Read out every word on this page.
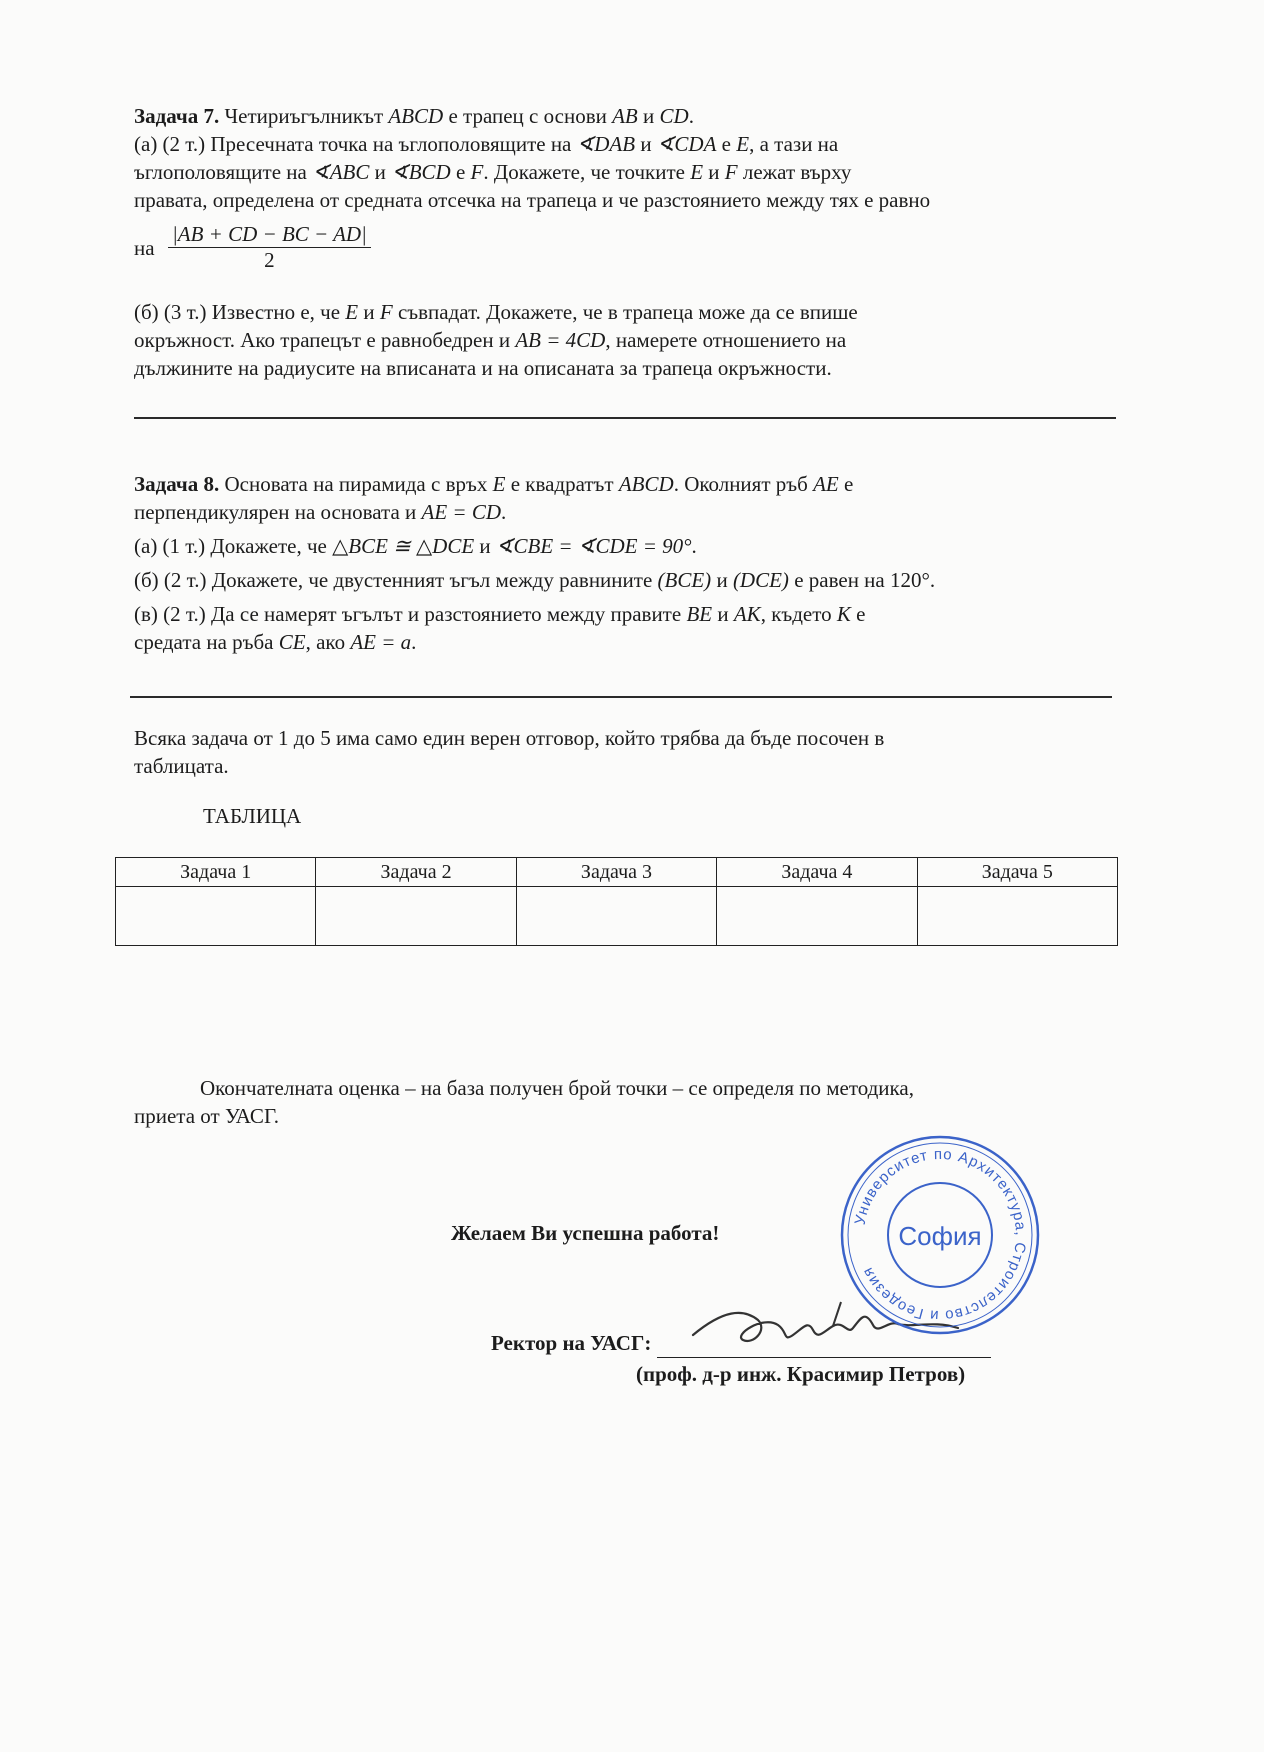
Задача 7. Четириъгълникът ABCD е трапец с основи AB и CD.
(а) (2 т.) Пресечната точка на ъглополовящите на ∢DAB и ∢CDA е E, а тази на
ъглополовящите на ∢ABC и ∢BCD е F. Докажете, че точките E и F лежат върху
правата, определена от средната отсечка на трапеца и че разстоянието между тях е равно
на $\frac{|AB + CD - BC - AD|}{2}$
(б) (3 т.) Известно е, че E и F съвпадат. Докажете, че в трапеца може да се впише
окръжност. Ако трапецът е равнобедрен и AB = 4CD, намерете отношението на
дължините на радиусите на вписаната и на описаната за трапеца окръжности.
Задача 8. Основата на пирамида с връх E е квадратът ABCD. Околният ръб AE е
перпендикулярен на основата и AE = CD.
(а) (1 т.) Докажете, че △BCE ≅ △DCE и ∢CBE = ∢CDE = 90°.
(б) (2 т.) Докажете, че двустенният ъгъл между равнините (BCE) и (DCE) е равен на 120°.
(в) (2 т.) Да се намерят ъгълът и разстоянието между правите BE и AK, където K е
средата на ръба CE, ако AE = a.
Всяка задача от 1 до 5 има само един верен отговор, който трябва да бъде посочен в
таблицата.
ТАБЛИЦА
Задача 1	Задача 2	Задача 3	Задача 4	Задача 5

Окончателната оценка – на база получен брой точки – се определя по методика,
приета от УАСГ.
Желаем Ви успешна работа!
Ректор на УАСГ:
(проф. д-р инж. Красимир Петров)
Университет по Архитектура, Строителство и Геодезия
София
